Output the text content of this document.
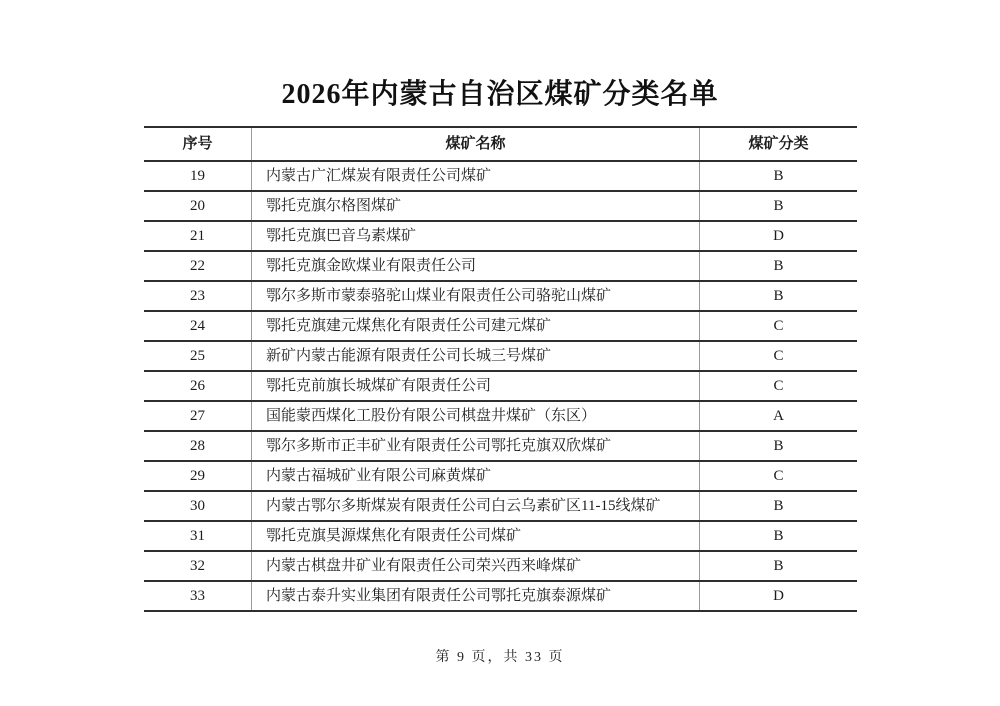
2026年内蒙古自治区煤矿分类名单
序号	煤矿名称	煤矿分类
19	内蒙古广汇煤炭有限责任公司煤矿	B
20	鄂托克旗尔格图煤矿	B
21	鄂托克旗巴音乌素煤矿	D
22	鄂托克旗金欧煤业有限责任公司	B
23	鄂尔多斯市蒙泰骆驼山煤业有限责任公司骆驼山煤矿	B
24	鄂托克旗建元煤焦化有限责任公司建元煤矿	C
25	新矿内蒙古能源有限责任公司长城三号煤矿	C
26	鄂托克前旗长城煤矿有限责任公司	C
27	国能蒙西煤化工股份有限公司棋盘井煤矿（东区）	A
28	鄂尔多斯市正丰矿业有限责任公司鄂托克旗双欣煤矿	B
29	内蒙古福城矿业有限公司麻黄煤矿	C
30	内蒙古鄂尔多斯煤炭有限责任公司白云乌素矿区11-15线煤矿	B
31	鄂托克旗昊源煤焦化有限责任公司煤矿	B
32	内蒙古棋盘井矿业有限责任公司荣兴西来峰煤矿	B
33	内蒙古泰升实业集团有限责任公司鄂托克旗泰源煤矿	D
第 9 页，共 33 页
